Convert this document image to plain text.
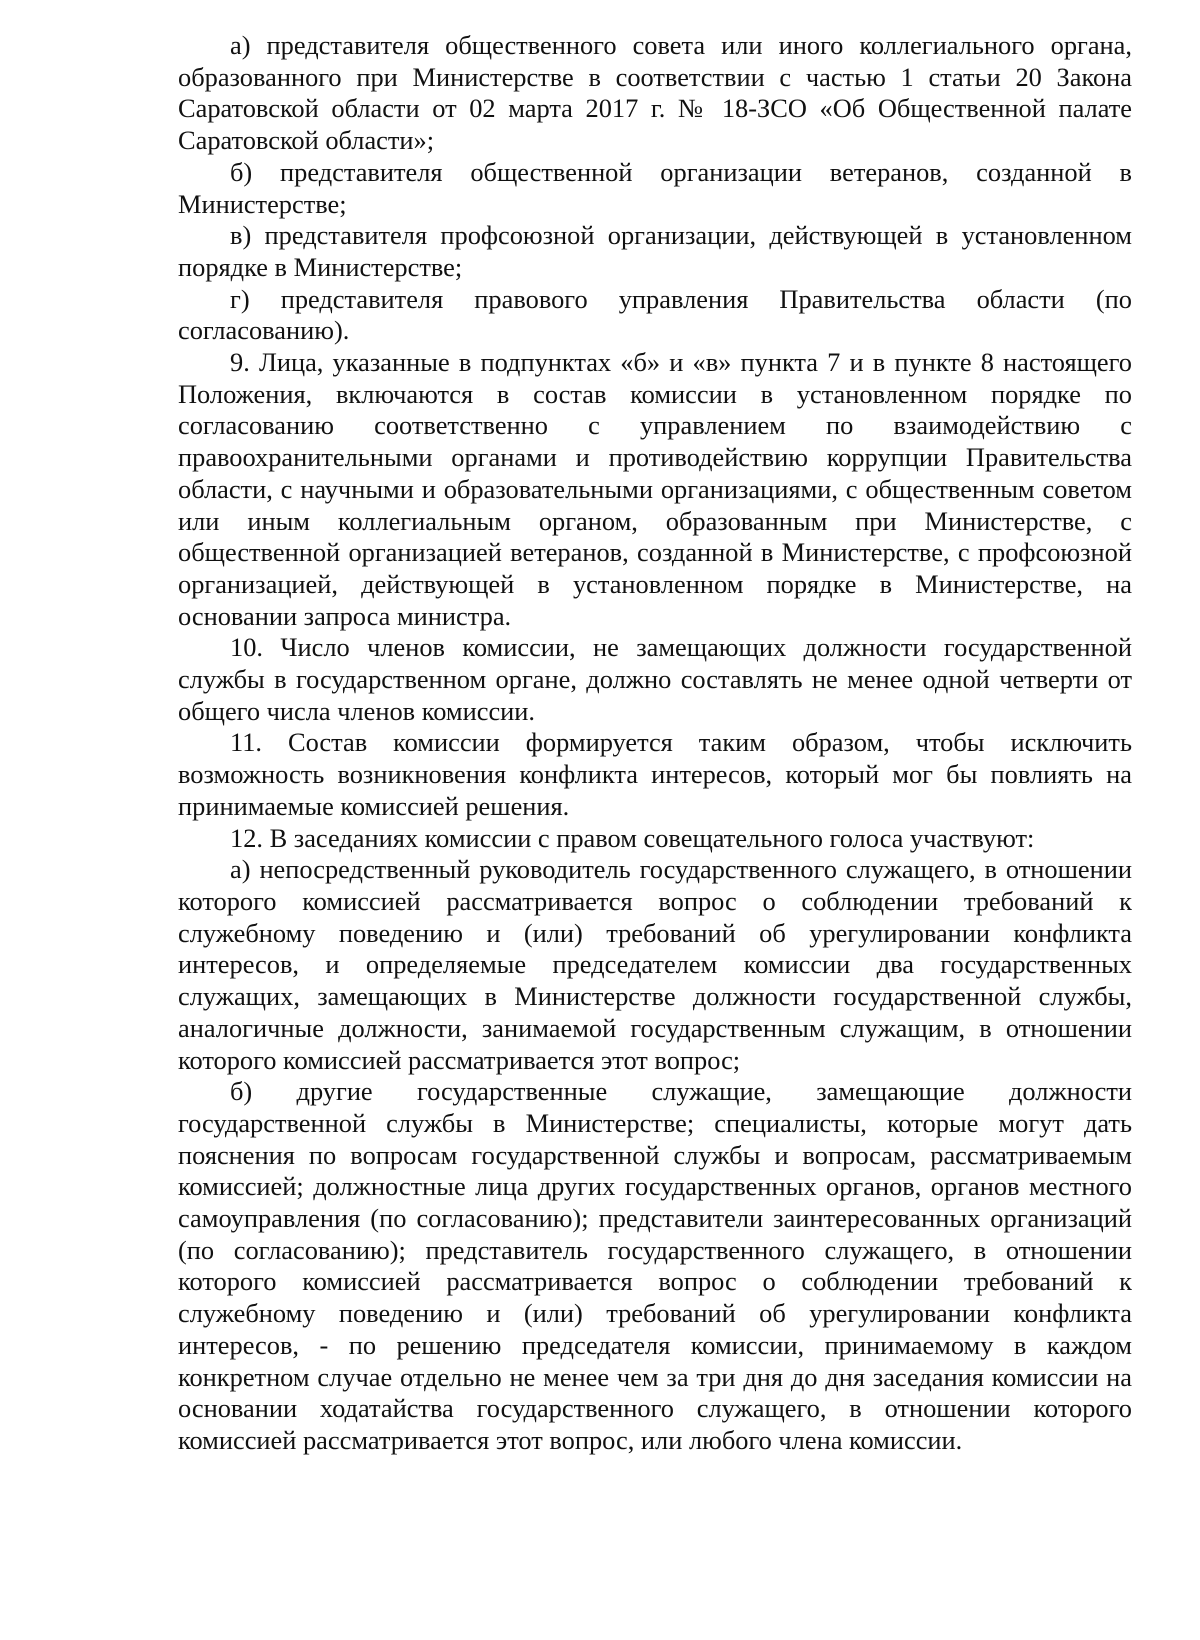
а) представителя общественного совета или иного коллегиального органа, образованного при Министерстве в соответствии с частью 1 статьи 20 Закона Саратовской области от 02 марта 2017 г. № 18-ЗСО «Об Общественной палате Саратовской области»;

б) представителя общественной организации ветеранов, созданной в Министерстве;

в) представителя профсоюзной организации, действующей в установленном порядке в Министерстве;

г) представителя правового управления Правительства области (по согласованию).

9. Лица, указанные в подпунктах «б» и «в» пункта 7 и в пункте 8 настоящего Положения, включаются в состав комиссии в установленном порядке по согласованию соответственно с управлением по взаимодействию с правоохранительными органами и противодействию коррупции Правительства области, с научными и образовательными организациями, с общественным советом или иным коллегиальным органом, образованным при Министерстве, с общественной организацией ветеранов, созданной в Министерстве, с профсоюзной организацией, действующей в установленном порядке в Министерстве, на основании запроса министра.

10. Число членов комиссии, не замещающих должности государственной службы в государственном органе, должно составлять не менее одной четверти от общего числа членов комиссии.

11. Состав комиссии формируется таким образом, чтобы исключить возможность возникновения конфликта интересов, который мог бы повлиять на принимаемые комиссией решения.

12. В заседаниях комиссии с правом совещательного голоса участвуют:

а) непосредственный руководитель государственного служащего, в отношении которого комиссией рассматривается вопрос о соблюдении требований к служебному поведению и (или) требований об урегулировании конфликта интересов, и определяемые председателем комиссии два государственных служащих, замещающих в Министерстве должности государственной службы, аналогичные должности, занимаемой государственным служащим, в отношении которого комиссией рассматривается этот вопрос;

б) другие государственные служащие, замещающие должности государственной службы в Министерстве; специалисты, которые могут дать пояснения по вопросам государственной службы и вопросам, рассматриваемым комиссией; должностные лица других государственных органов, органов местного самоуправления (по согласованию); представители заинтересованных организаций (по согласованию); представитель государственного служащего, в отношении которого комиссией рассматривается вопрос о соблюдении требований к служебному поведению и (или) требований об урегулировании конфликта интересов, - по решению председателя комиссии, принимаемому в каждом конкретном случае отдельно не менее чем за три дня до дня заседания комиссии на основании ходатайства государственного служащего, в отношении которого комиссией рассматривается этот вопрос, или любого члена комиссии.
